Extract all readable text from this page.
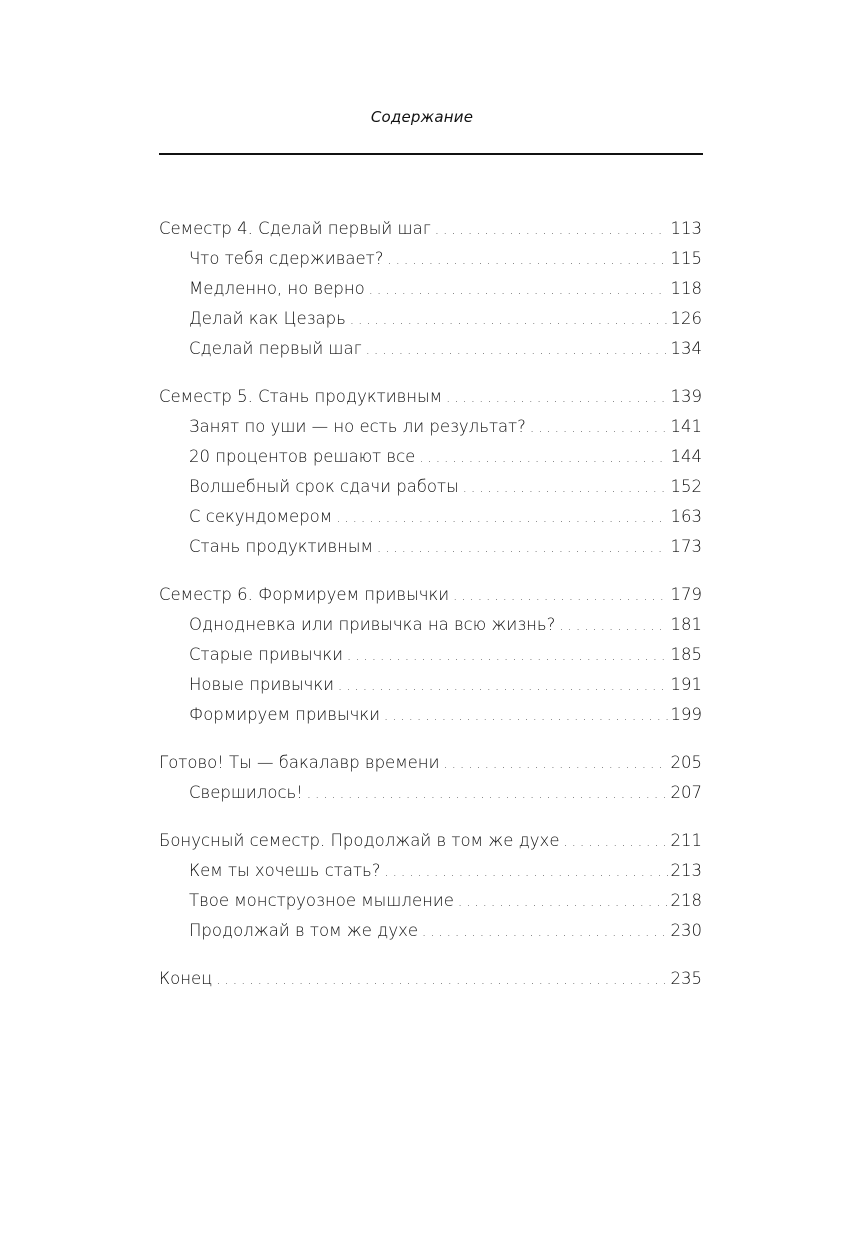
Содержание
Семестр 4. Сделай первый шаг . . .	113
Что тебя сдерживает? . . .	115
Медленно, но верно . . .	118
Делай как Цезарь . . .	126
Сделай первый шаг . . .	134
Семестр 5. Стань продуктивным . . .	139
Занят по уши — но есть ли результат? . . .	141
20 процентов решают все . . .	144
Волшебный срок сдачи работы . . .	152
С секундомером . . .	163
Стань продуктивным . . .	173
Семестр 6. Формируем привычки . . .	179
Однодневка или привычка на всю жизнь? . . .	181
Старые привычки . . .	185
Новые привычки . . .	191
Формируем привычки . . .	199
Готово! Ты — бакалавр времени . . .	205
Свершилось! . . .	207
Бонусный семестр. Продолжай в том же духе . . .	211
Кем ты хочешь стать? . . .	213
Твое монструозное мышление . . .	218
Продолжай в том же духе . . .	230
Конец . . .	235
